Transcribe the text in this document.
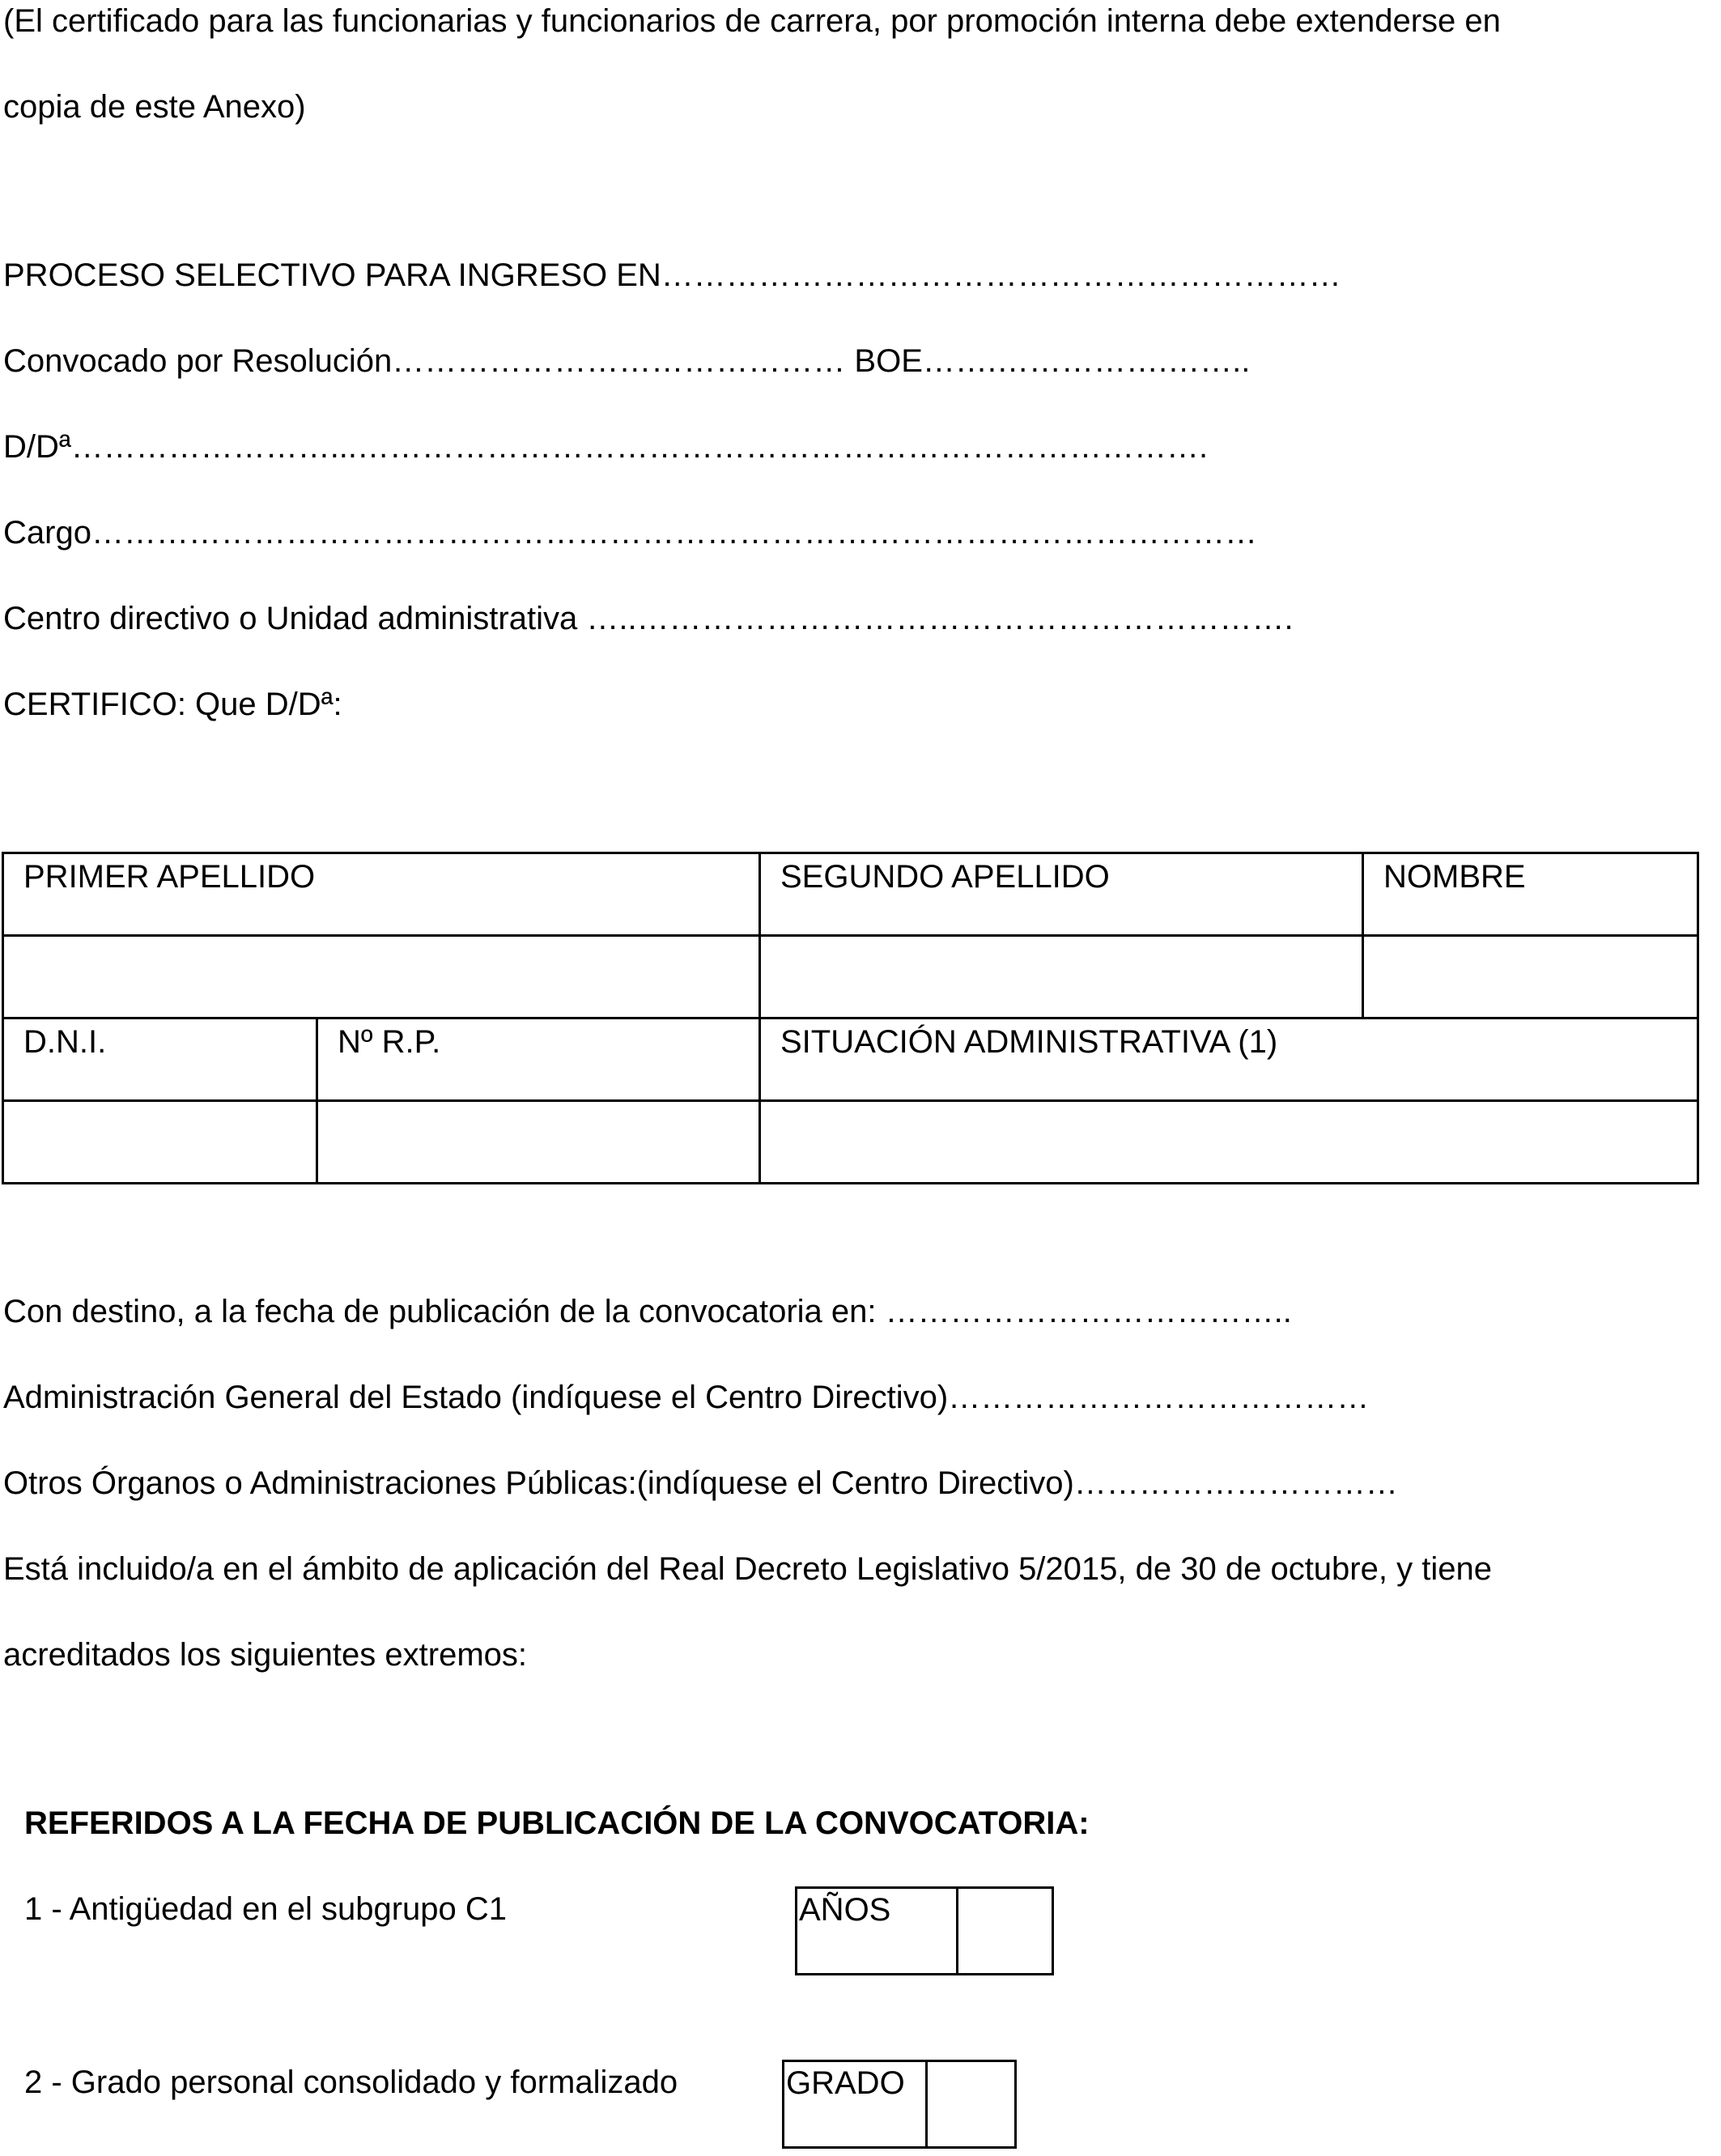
(El certificado para las funcionarias y funcionarios de carrera, por promoción interna debe extenderse en
copia de este Anexo)
PROCESO SELECTIVO PARA INGRESO EN………………………………………………………
Convocado por Resolución…………………………………… BOE…….…………….……..
D/Dª……………………...…………………………………………………………………….
Cargo………………………………………………………………………………………………
Centro directivo o Unidad administrativa …..…………………………………………………….
CERTIFICO: Que D/Dª:
PRIMER APELLIDO		SEGUNDO APELLIDO	NOMBRE

D.N.I.	Nº R.P.	SITUACIÓN ADMINISTRATIVA (1)	

Con destino, a la fecha de publicación de la convocatoria en: ………………………………..
Administración General del Estado (indíquese el Centro Directivo)…………………………………
Otros Órganos o Administraciones Públicas:(indíquese el Centro Directivo)…………………………
Está incluido/a en el ámbito de aplicación del Real Decreto Legislativo 5/2015, de 30 de octubre, y tiene
acreditados los siguientes extremos:
REFERIDOS A LA FECHA DE PUBLICACIÓN DE LA CONVOCATORIA:
1 - Antigüedad en el subgrupo C1	AÑOS
2 - Grado personal consolidado y formalizado	GRADO
